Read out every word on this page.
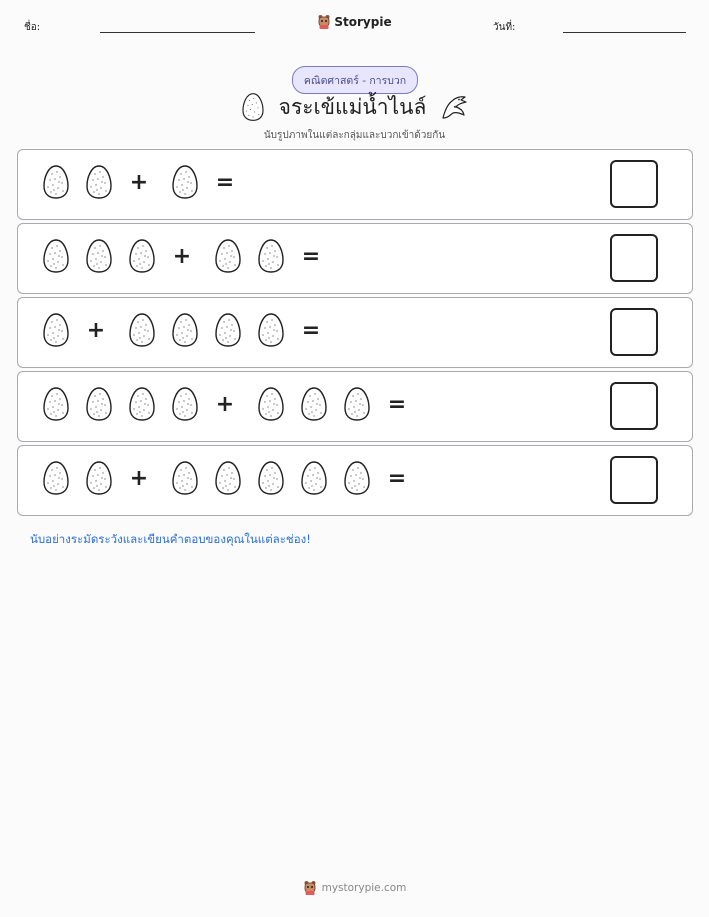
ชื่อ:	Storypie	วันที่:
คณิตศาสตร์ - การบวก
จระเข้แม่น้ำไนล์
นับรูปภาพในแต่ละกลุ่มและบวกเข้าด้วยกัน
+	=
+	=
+	=
+	=
+	=
นับอย่างระมัดระวังและเขียนคำตอบของคุณในแต่ละช่อง!
mystorypie.com
